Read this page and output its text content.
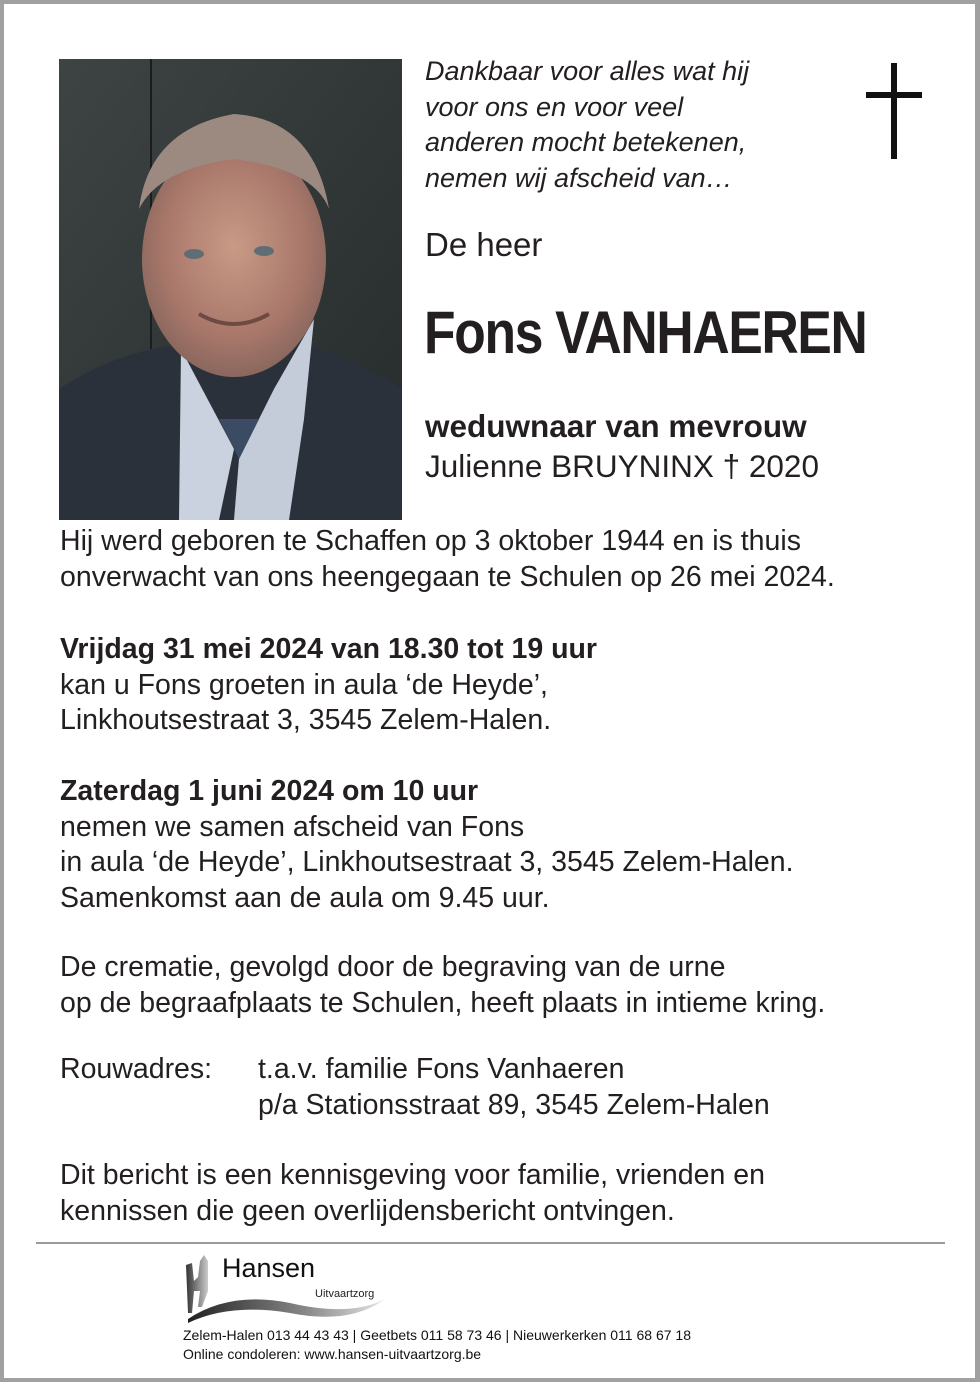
Dankbaar voor alles wat hij
voor ons en voor veel
anderen mocht betekenen,
nemen wij afscheid van…
De heer
Fons VANHAEREN
weduwnaar van mevrouw
Julienne BRUYNINX † 2020
Hij werd geboren te Schaffen op 3 oktober 1944 en is thuis
onverwacht van ons heengegaan te Schulen op 26 mei 2024.
Vrijdag 31 mei 2024 van 18.30 tot 19 uur
kan u Fons groeten in aula ‘de Heyde’,
Linkhoutsestraat 3, 3545 Zelem-Halen.
Zaterdag 1 juni 2024 om 10 uur
nemen we samen afscheid van Fons
in aula ‘de Heyde’, Linkhoutsestraat 3, 3545 Zelem-Halen.
Samenkomst aan de aula om 9.45 uur.
De crematie, gevolgd door de begraving van de urne
op de begraafplaats te Schulen, heeft plaats in intieme kring.
Rouwadres: t.a.v. familie Fons Vanhaeren
p/a Stationsstraat 89, 3545 Zelem-Halen
Dit bericht is een kennisgeving voor familie, vrienden en
kennissen die geen overlijdensbericht ontvingen.
Hansen
Uitvaartzorg
Zelem-Halen 013 44 43 43 | Geetbets 011 58 73 46 | Nieuwerkerken 011 68 67 18
Online condoleren: www.hansen-uitvaartzorg.be
